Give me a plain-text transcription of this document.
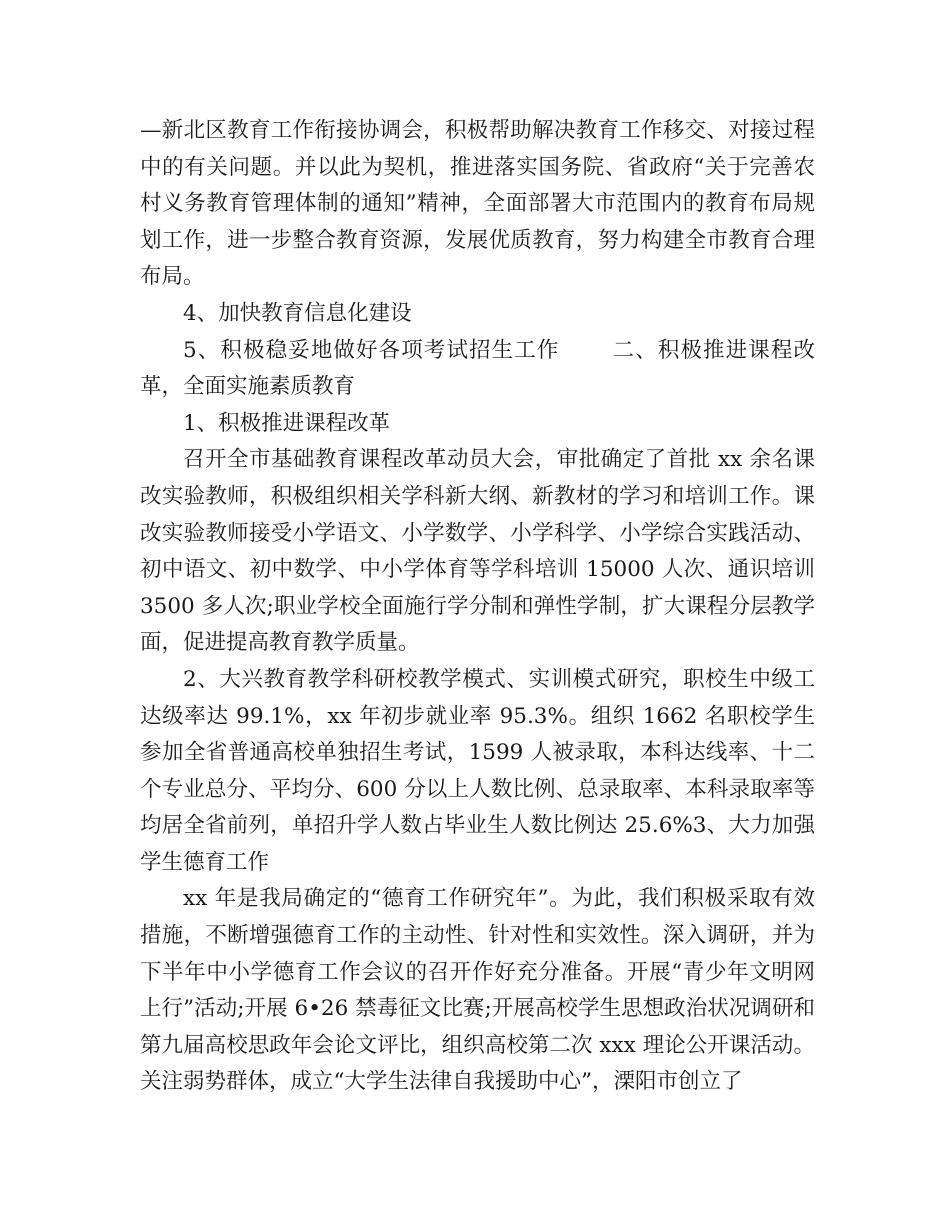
—新北区教育工作衔接协调会，积极帮助解决教育工作移交、对接过程中的有关问题。并以此为契机，推进落实国务院、省政府“关于完善农村义务教育管理体制的通知”精神，全面部署大市范围内的教育布局规划工作，进一步整合教育资源，发展优质教育，努力构建全市教育合理布局。

4、加快教育信息化建设

5、积极稳妥地做好各项考试招生工作　　 二、积极推进课程改革，全面实施素质教育

1、积极推进课程改革

召开全市基础教育课程改革动员大会，审批确定了首批 xx 余名课改实验教师，积极组织相关学科新大纲、新教材的学习和培训工作。课改实验教师接受小学语文、小学数学、小学科学、小学综合实践活动、初中语文、初中数学、中小学体育等学科培训 15000 人次、通识培训 3500 多人次;职业学校全面施行学分制和弹性学制，扩大课程分层教学面，促进提高教育教学质量。

2、大兴教育教学科研校教学模式、实训模式研究，职校生中级工达级率达 99.1%，xx 年初步就业率 95.3%。组织 1662 名职校学生参加全省普通高校单独招生考试，1599 人被录取，本科达线率、十二个专业总分、平均分、600 分以上人数比例、总录取率、本科录取率等均居全省前列，单招升学人数占毕业生人数比例达 25.6%3、大力加强学生德育工作

xx 年是我局确定的“德育工作研究年”。为此，我们积极采取有效措施，不断增强德育工作的主动性、针对性和实效性。深入调研，并为下半年中小学德育工作会议的召开作好充分准备。开展“青少年文明网上行”活动;开展 6•26 禁毒征文比赛;开展高校学生思想政治状况调研和第九届高校思政年会论文评比，组织高校第二次 xxx 理论公开课活动。关注弱势群体，成立“大学生法律自我援助中心”，溧阳市创立了
